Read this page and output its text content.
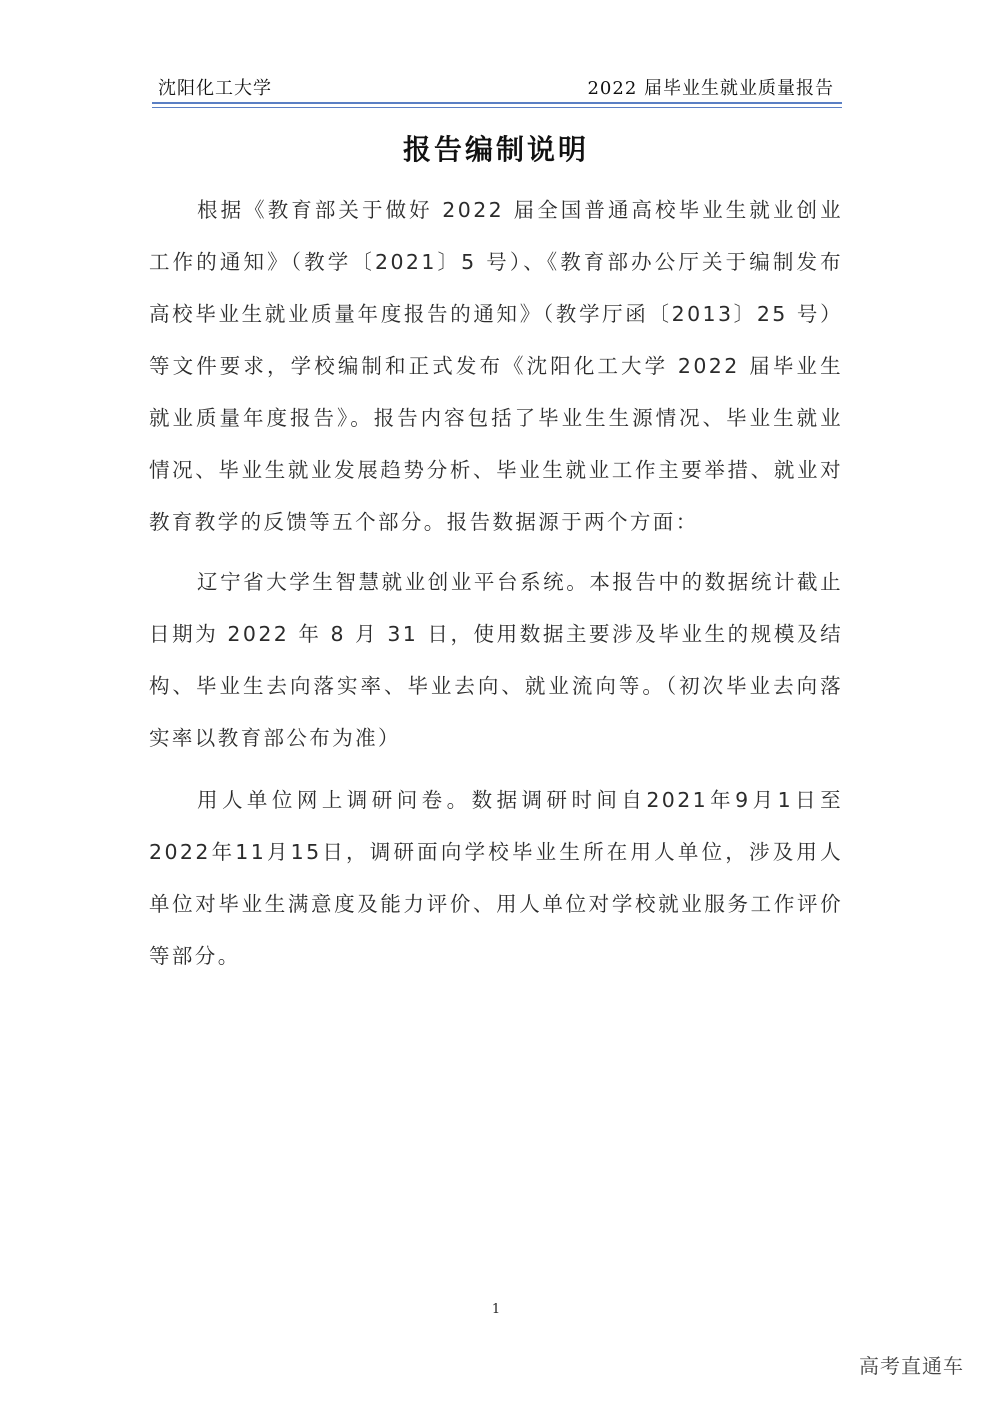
沈阳化工大学	2022 届毕业生就业质量报告
报告编制说明

根据《教育部关于做好 2022 届全国普通高校毕业生就业创业工作的通知》（教学〔2021〕5 号）、《教育部办公厅关于编制发布高校毕业生就业质量年度报告的通知》（教学厅函〔2013〕25 号）等文件要求，学校编制和正式发布《沈阳化工大学 2022 届毕业生就业质量年度报告》。报告内容包括了毕业生生源情况、毕业生就业情况、毕业生就业发展趋势分析、毕业生就业工作主要举措、就业对教育教学的反馈等五个部分。报告数据源于两个方面：

辽宁省大学生智慧就业创业平台系统。本报告中的数据统计截止日期为 2022 年 8 月 31 日，使用数据主要涉及毕业生的规模及结构、毕业生去向落实率、毕业去向、就业流向等。（初次毕业去向落实率以教育部公布为准）

用人单位网上调研问卷。数据调研时间自2021年9月1日至2022年11月15日，调研面向学校毕业生所在用人单位，涉及用人单位对毕业生满意度及能力评价、用人单位对学校就业服务工作评价等部分。

1
高考直通车
